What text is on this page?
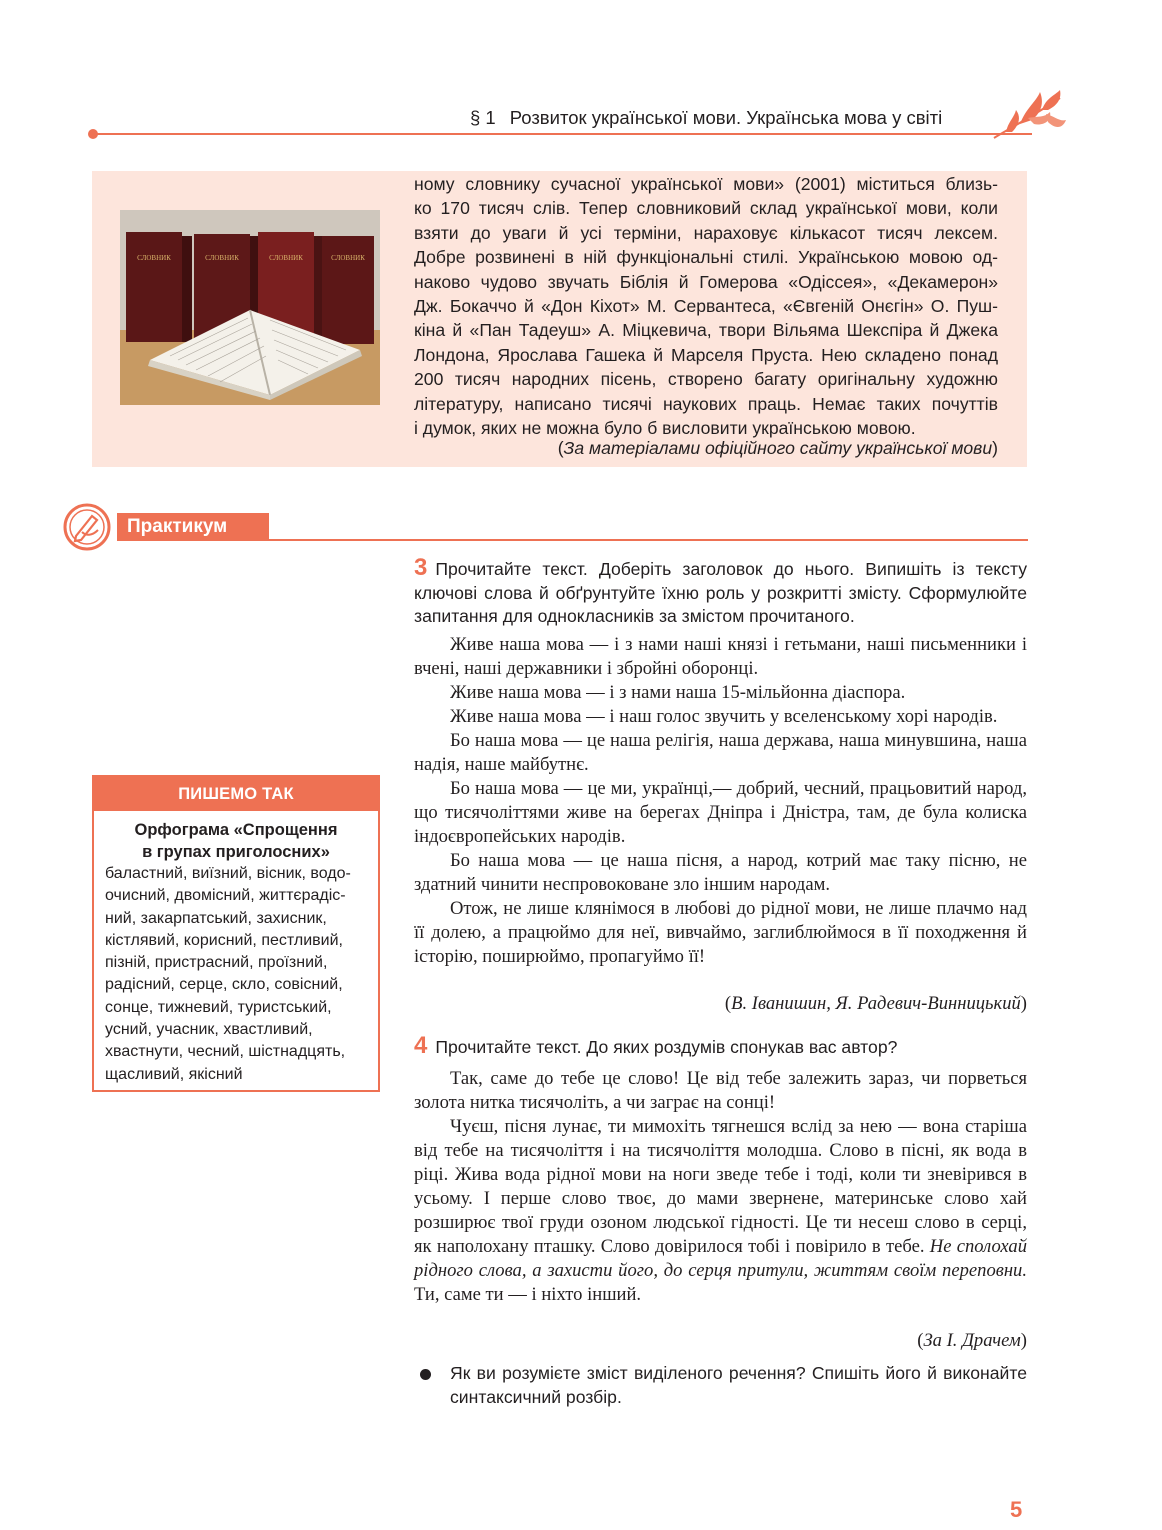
§ 1 Розвиток української мови. Українська мова у світі
СЛОВНИК	СЛОВНИК	СЛОВНИК	СЛОВНИК
ному словнику сучасної української мови» (2001) міститься близь-
ко 170 тисяч слів. Тепер словниковий склад української мови, коли
взяти до уваги й усі терміни, нараховує кількасот тисяч лексем.
Добре розвинені в ній функціональні стилі. Українською мовою од-
наково чудово звучать Біблія й Гомерова «Одіссея», «Декамерон»
Дж. Бокаччо й «Дон Кіхот» М. Сервантеса, «Євгеній Онєгін» О. Пуш-
кіна й «Пан Тадеуш» А. Міцкевича, твори Вільяма Шекспіра й Джека
Лондона, Ярослава Гашека й Марселя Пруста. Нею складено понад
200 тисяч народних пісень, створено багату оригінальну художню
літературу, написано тисячі наукових праць. Немає таких почуттів
і думок, яких не можна було б висловити українською мовою.
(За матеріалами офіційного сайту української мови)
Практикум
3 Прочитайте текст. Доберіть заголовок до нього. Випишіть із тексту ключові слова й обґрунтуйте їхню роль у розкритті змісту. Сформулюйте запитання для однокласників за змістом прочитаного.

Живе наша мова — і з нами наші князі і гетьмани, наші письменники і вчені, наші державники і збройні оборонці.

Живе наша мова — і з нами наша 15-мільйонна діаспора.

Живе наша мова — і наш голос звучить у вселенському хорі народів.

Бо наша мова — це наша релігія, наша держава, наша минувшина, наша надія, наше майбутнє.

Бо наша мова — це ми, українці,— добрий, чесний, працьовитий народ, що тисячоліттями живе на берегах Дніпра і Дністра, там, де була колиска індоєвропейських народів.

Бо наша мова — це наша пісня, а народ, котрий має таку пісню, не здатний чинити неспровоковане зло іншим народам.

Отож, не лише клянімося в любові до рідної мови, не лише плачмо над її долею, а працюймо для неї, вивчаймо, заглиблюймося в її походження й історію, поширюймо, пропагуймо її!

(В. Іванишин, Я. Радевич-Винницький)
ПИШЕМО ТАК
Орфограма «Спрощення
в групах приголосних»
баластний, виїзний, вісник, водо-
очисний, двомісний, життєрадіс-
ний, закарпатський, захисник,
кістлявий, корисний, пестливий,
пізній, пристрасний, проїзний,
радісний, серце, скло, совісний,
сонце, тижневий, туристський,
усний, учасник, хвастливий,
хвастнути, чесний, шістнадцять,
щасливий, якісний
4 Прочитайте текст. До яких роздумів спонукав вас автор?

Так, саме до тебе це слово! Це від тебе залежить зараз, чи порветься золота нитка тисячоліть, а чи заграє на сонці!

Чуєш, пісня лунає, ти мимохіть тягнешся вслід за нею — вона старіша від тебе на тисячоліття і на тисячоліття молодша. Слово в пісні, як вода в ріці. Жива вода рідної мови на ноги зведе тебе і тоді, коли ти зневірився в усьому. І перше слово твоє, до мами звернене, материнське слово хай розширює твої груди озоном людської гідності. Це ти несеш слово в серці, як наполохану пташку. Слово довірилося тобі і повірило в тебе. Не сполохай рідного слова, а захисти його, до серця притули, життям своїм переповни. Ти, саме ти — і ніхто інший.

(За І. Драчем)
Як ви розумієте зміст виділеного речення? Спишіть його й виконайте синтаксичний розбір.
5
